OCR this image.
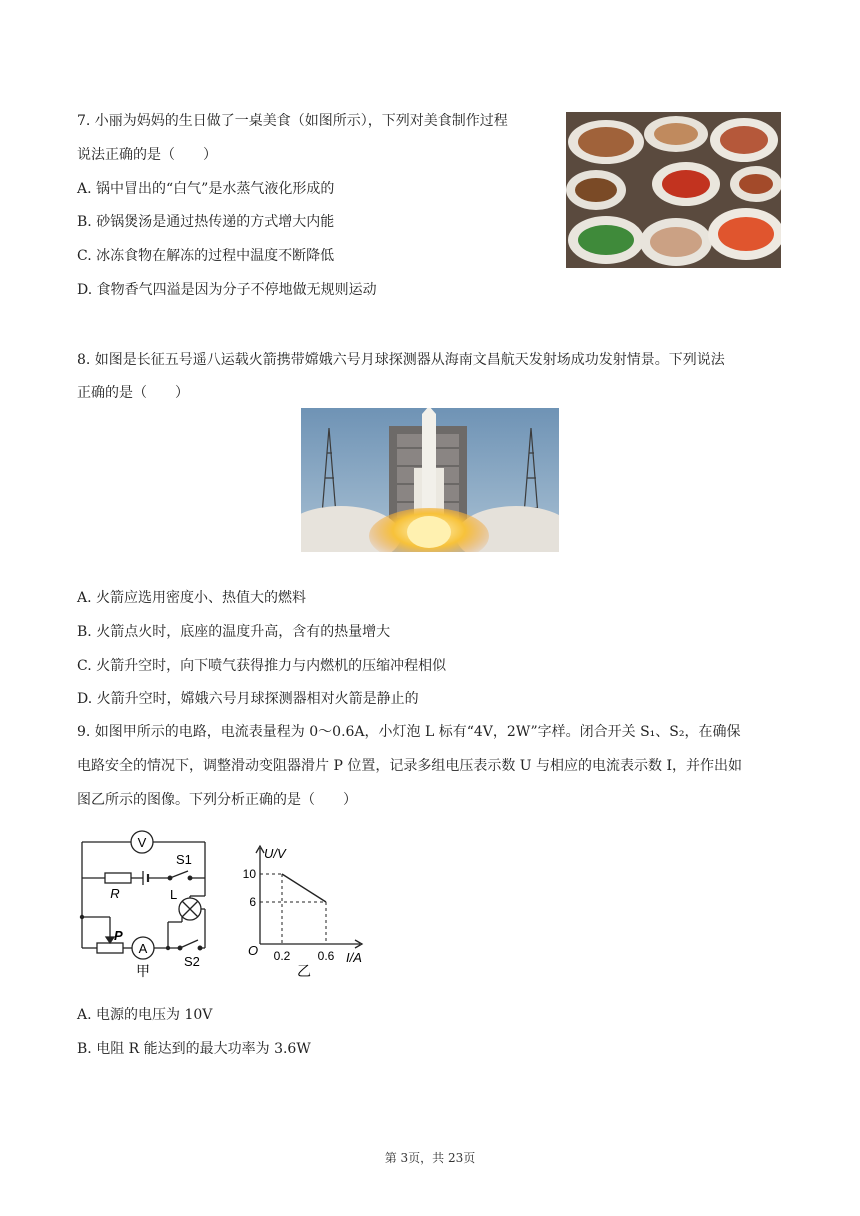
7. 小丽为妈妈的生日做了一桌美食（如图所示），下列对美食制作过程
说法正确的是（　　）
A. 锅中冒出的“白气”是水蒸气液化形成的
B. 砂锅煲汤是通过热传递的方式增大内能
C. 冰冻食物在解冻的过程中温度不断降低
D. 食物香气四溢是因为分子不停地做无规则运动
8. 如图是长征五号遥八运载火箭携带嫦娥六号月球探测器从海南文昌航天发射场成功发射情景。下列说法
正确的是（　　）
A. 火箭应选用密度小、热值大的燃料
B. 火箭点火时，底座的温度升高，含有的热量增大
C. 火箭升空时，向下喷气获得推力与内燃机的压缩冲程相似
D. 火箭升空时，嫦娥六号月球探测器相对火箭是静止的
9. 如图甲所示的电路，电流表量程为 0～0.6A，小灯泡 L 标有“4V，2W”字样。闭合开关 S₁、S₂，在确保
电路安全的情况下，调整滑动变阻器滑片 P 位置，记录多组电压表示数 U 与相应的电流表示数 I，并作出如
图乙所示的图像。下列分析正确的是（　　）
V
A
R
S1
L
P
S2
甲
0.2 0.6
10
6
U/V
I/A
O
乙
A. 电源的电压为 10V
B. 电阻 R 能达到的最大功率为 3.6W
第 3页，共 23页
